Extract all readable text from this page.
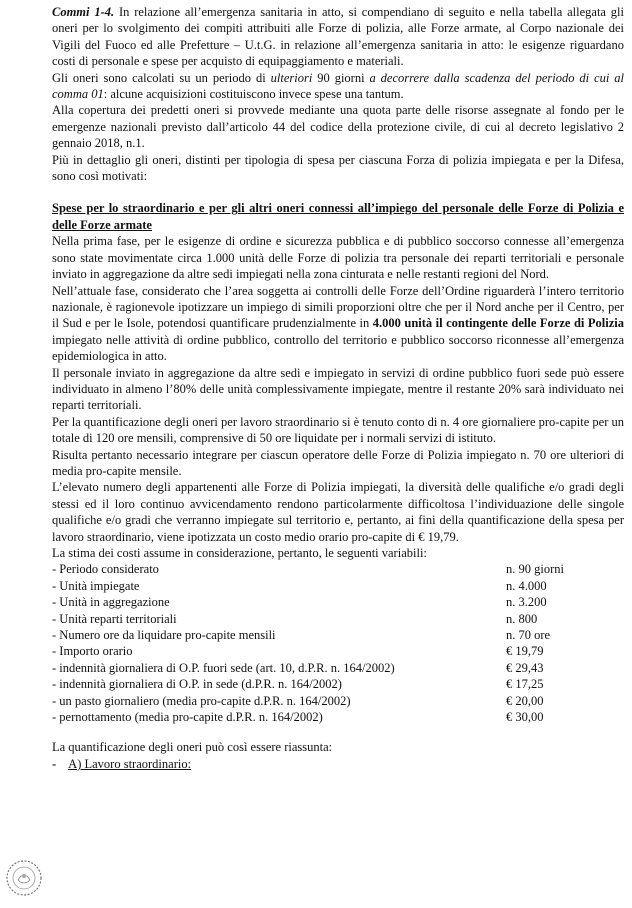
Commi 1-4. In relazione all’emergenza sanitaria in atto, si compendiano di seguito e nella tabella allegata gli oneri per lo svolgimento dei compiti attribuiti alle Forze di polizia, alle Forze armate, al Corpo nazionale dei Vigili del Fuoco ed alle Prefetture – U.t.G. in relazione all’emergenza sanitaria in atto: le esigenze riguardano costi di personale e spese per acquisto di equipaggiamento e materiali.

Gli oneri sono calcolati su un periodo di ulteriori 90 giorni a decorrere dalla scadenza del periodo di cui al comma 01: alcune acquisizioni costituiscono invece spese una tantum.

Alla copertura dei predetti oneri si provvede mediante una quota parte delle risorse assegnate al fondo per le emergenze nazionali previsto dall’articolo 44 del codice della protezione civile, di cui al decreto legislativo 2 gennaio 2018, n.1.

Più in dettaglio gli oneri, distinti per tipologia di spesa per ciascuna Forza di polizia impiegata e per la Difesa, sono così motivati:

Spese per lo straordinario e per gli altri oneri connessi all’impiego del personale delle Forze di Polizia e delle Forze armate

Nella prima fase, per le esigenze di ordine e sicurezza pubblica e di pubblico soccorso connesse all’emergenza sono state movimentate circa 1.000 unità delle Forze di polizia tra personale dei reparti territoriali e personale inviato in aggregazione da altre sedi impiegati nella zona cinturata e nelle restanti regioni del Nord.

Nell’attuale fase, considerato che l’area soggetta ai controlli delle Forze dell’Ordine riguarderà l’intero territorio nazionale, è ragionevole ipotizzare un impiego di simili proporzioni oltre che per il Nord anche per il Centro, per il Sud e per le Isole, potendosi quantificare prudenzialmente in 4.000 unità il contingente delle Forze di Polizia impiegato nelle attività di ordine pubblico, controllo del territorio e pubblico soccorso riconnesse all’emergenza epidemiologica in atto.

Il personale inviato in aggregazione da altre sedi e impiegato in servizi di ordine pubblico fuori sede può essere individuato in almeno l’80% delle unità complessivamente impiegate, mentre il restante 20% sarà individuato nei reparti territoriali.

Per la quantificazione degli oneri per lavoro straordinario si è tenuto conto di n. 4 ore giornaliere pro-capite per un totale di 120 ore mensili, comprensive di 50 ore liquidate per i normali servizi di istituto.

Risulta pertanto necessario integrare per ciascun operatore delle Forze di Polizia impiegato n. 70 ore ulteriori di media pro-capite mensile.

L’elevato numero degli appartenenti alle Forze di Polizia impiegati, la diversità delle qualifiche e/o gradi degli stessi ed il loro continuo avvicendamento rendono particolarmente difficoltosa l’individuazione delle singole qualifiche e/o gradi che verranno impiegate sul territorio e, pertanto, ai fini della quantificazione della spesa per lavoro straordinario, viene ipotizzata un costo medio orario pro-capite di € 19,79.

La stima dei costi assume in considerazione, pertanto, le seguenti variabili:

- Periodo considerato	n. 90 giorni
- Unità impiegate	n. 4.000
- Unità in aggregazione	n. 3.200
- Unità reparti territoriali	n. 800
- Numero ore da liquidare pro-capite mensili	n. 70 ore
- Importo orario	€ 19,79
- indennità giornaliera di O.P. fuori sede (art. 10, d.P.R. n. 164/2002)	€ 29,43
- indennità giornaliera di O.P. in sede (d.P.R. n. 164/2002)	€ 17,25
- un pasto giornaliero (media pro-capite d.P.R. n. 164/2002)	€ 20,00
- pernottamento (media pro-capite d.P.R. n. 164/2002)	€ 30,00

La quantificazione degli oneri può così essere riassunta:

- A) Lavoro straordinario:
